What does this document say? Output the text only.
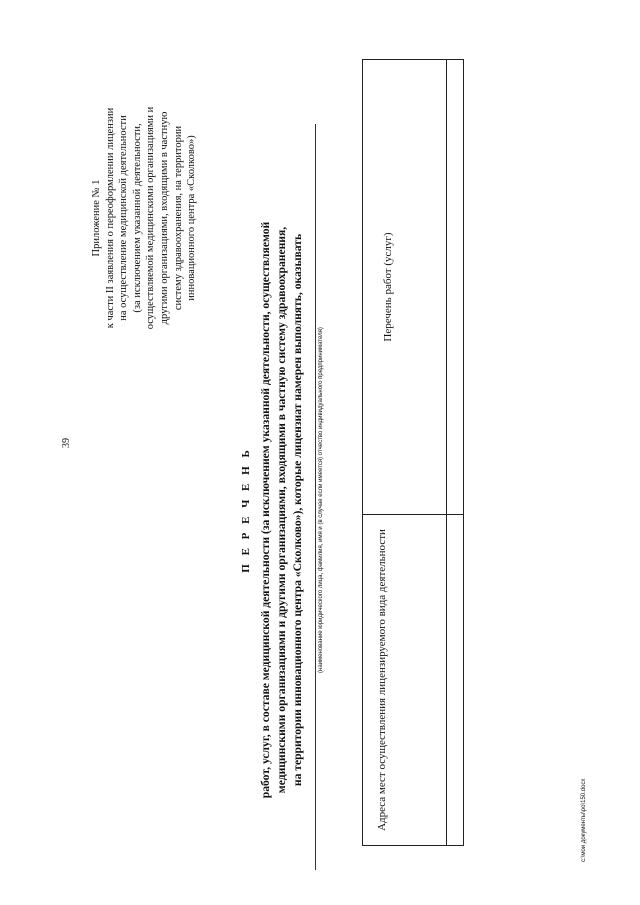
39
c:\мои документы\ро\150.docx
Приложение № 1 к части II заявления о переоформлении лицензии на осуществление медицинской деятельности (за исключением указанной деятельности, осуществляемой медицинскими организациями и другими организациями, входящими в частную систему здравоохранения, на территории инновационного центра «Сколково»)
П Е Р Е Ч Е Н Ь работ, услуг, в составе медицинской деятельности (за исключением указанной деятельности, осуществляемой медицинскими организациями и другими организациями, входящими в частную систему здравоохранения, на территории инновационного центра «Сколково»), которые лицензиат намерен выполнять, оказывать	(наименование юридического лица, фамилия, имя и (в случае если имеется) отчество индивидуального предпринимателя)
Адреса мест осуществления лицензируемого вида деятельности
Перечень работ (услуг)
